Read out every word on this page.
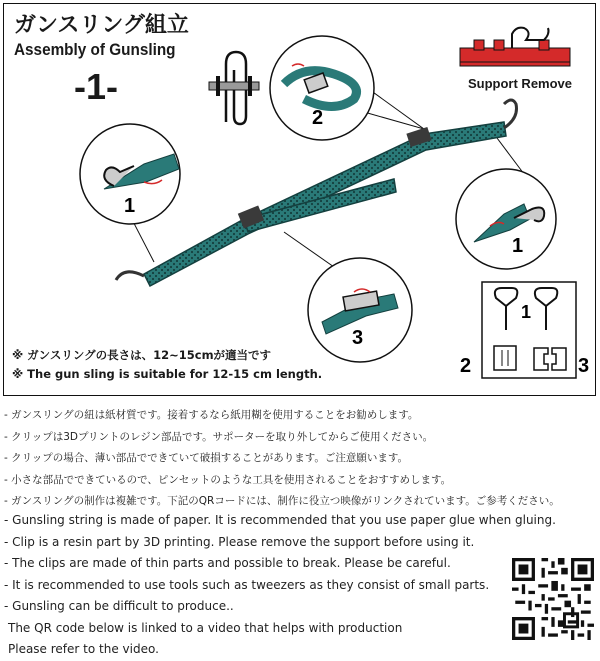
ガンスリング組立
Assembly of Gunsling
-1-
1
2
1
3
1
2	3
Support Remove
※ ガンスリングの長さは、12~15cmが適当です
※ The gun sling is suitable for 12-15 cm length.
- ガンスリングの紐は紙材質です。接着するなら紙用糊を使用することをお勧めします。
- クリップは3Dプリントのレジン部品です。サポーターを取り外してからご使用ください。
- クリップの場合、薄い部品でできていて破損することがあります。ご注意願います。
- 小さな部品でできているので、ピンセットのような工具を使用されることをおすすめします。
- ガンスリングの制作は複雑です。下記のQRコードには、制作に役立つ映像がリンクされています。ご参考ください。
- Gunsling string is made of paper. It is recommended that you use paper glue when gluing.
- Clip is a resin part by 3D printing. Please remove the support before using it.
- The clips are made of thin parts and possible to break. Please be careful.
- It is recommended to use tools such as tweezers as they consist of small parts.
- Gunsling can be difficult to produce..
The QR code below is linked to a video that helps with production
Please refer to the video.
